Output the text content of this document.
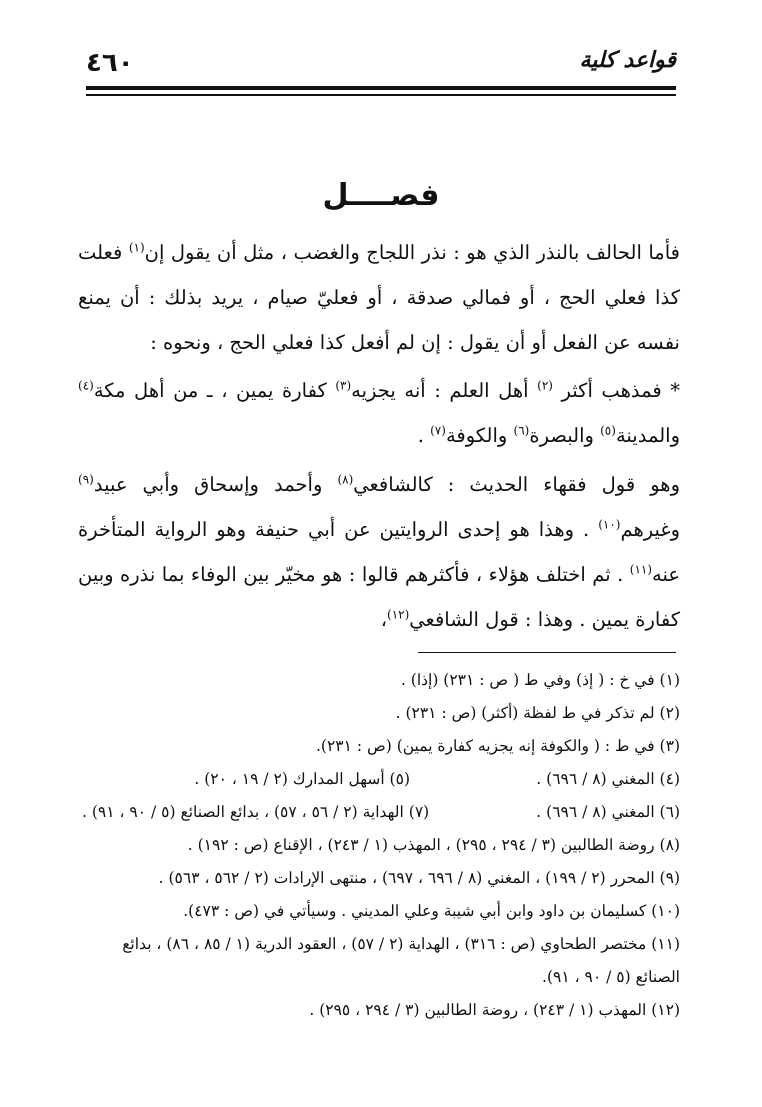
٤٦٠	قواعد كلية
فصــــل

فأما الحالف بالنذر الذي هو : نذر اللجاج والغضب ، مثل أن يقول إن$^{(١)}$ فعلت كذا فعلي الحج ، أو فمالي صدقة ، أو فعليّ صيام ، يريد بذلك : أن يمنع نفسه عن الفعل أو أن يقول : إن لم أفعل كذا فعلي الحج ، ونحوه :

* فمذهب أكثر $^{(٢)}$ أهل العلم : أنه يجزيه$^{(٣)}$ كفارة يمين ، ـ من أهل مكة$^{(٤)}$ والمدينة$^{(٥)}$ والبصرة$^{(٦)}$ والكوفة$^{(٧)}$ .

وهو قول فقهاء الحديث : كالشافعي$^{(٨)}$ وأحمد وإسحاق وأبي عبيد$^{(٩)}$ وغيرهم$^{(١٠)}$ . وهذا هو إحدى الروايتين عن أبي حنيفة وهو الرواية المتأخرة عنه$^{(١١)}$ . ثم اختلف هؤلاء ، فأكثرهم قالوا : هو مخيّر بين الوفاء بما نذره وبين كفارة يمين . وهذا : قول الشافعي$^{(١٢)}$،

(١) في خ : ( إذ) وفي ط ( ص : ٢٣١) (إذا) .

(٢) لم تذكر في ط لفظة (أكثر) (ص : ٢٣١) .

(٣) في ط : ( والكوفة إنه يجزيه كفارة يمين) (ص : ٢٣١).

(٤) المغني (٨ / ٦٩٦) .
(٥) أسهل المدارك (٢ / ١٩ ، ٢٠) .
(٦) المغني (٨ / ٦٩٦) .
(٧) الهداية (٢ / ٥٦ ، ٥٧) ، بدائع الصنائع (٥ / ٩٠ ، ٩١) .

(٨) روضة الطالبين (٣ / ٢٩٤ ، ٢٩٥) ، المهذب (١ / ٢٤٣) ، الإقناع (ص : ١٩٢) .

(٩) المحرر (٢ / ١٩٩) ، المغني (٨ / ٦٩٦ ، ٦٩٧) ، منتهى الإرادات (٢ / ٥٦٢ ، ٥٦٣) .

(١٠) كسليمان بن داود وابن أبي شيبة وعلي المديني . وسيأتي في (ص : ٤٧٣).

(١١) مختصر الطحاوي (ص : ٣١٦) ، الهداية (٢ / ٥٧) ، العقود الدرية (١ / ٨٥ ، ٨٦) ، بدائع الصنائع (٥ / ٩٠ ، ٩١).

(١٢) المهذب (١ / ٢٤٣) ، روضة الطالبين (٣ / ٢٩٤ ، ٢٩٥) .
